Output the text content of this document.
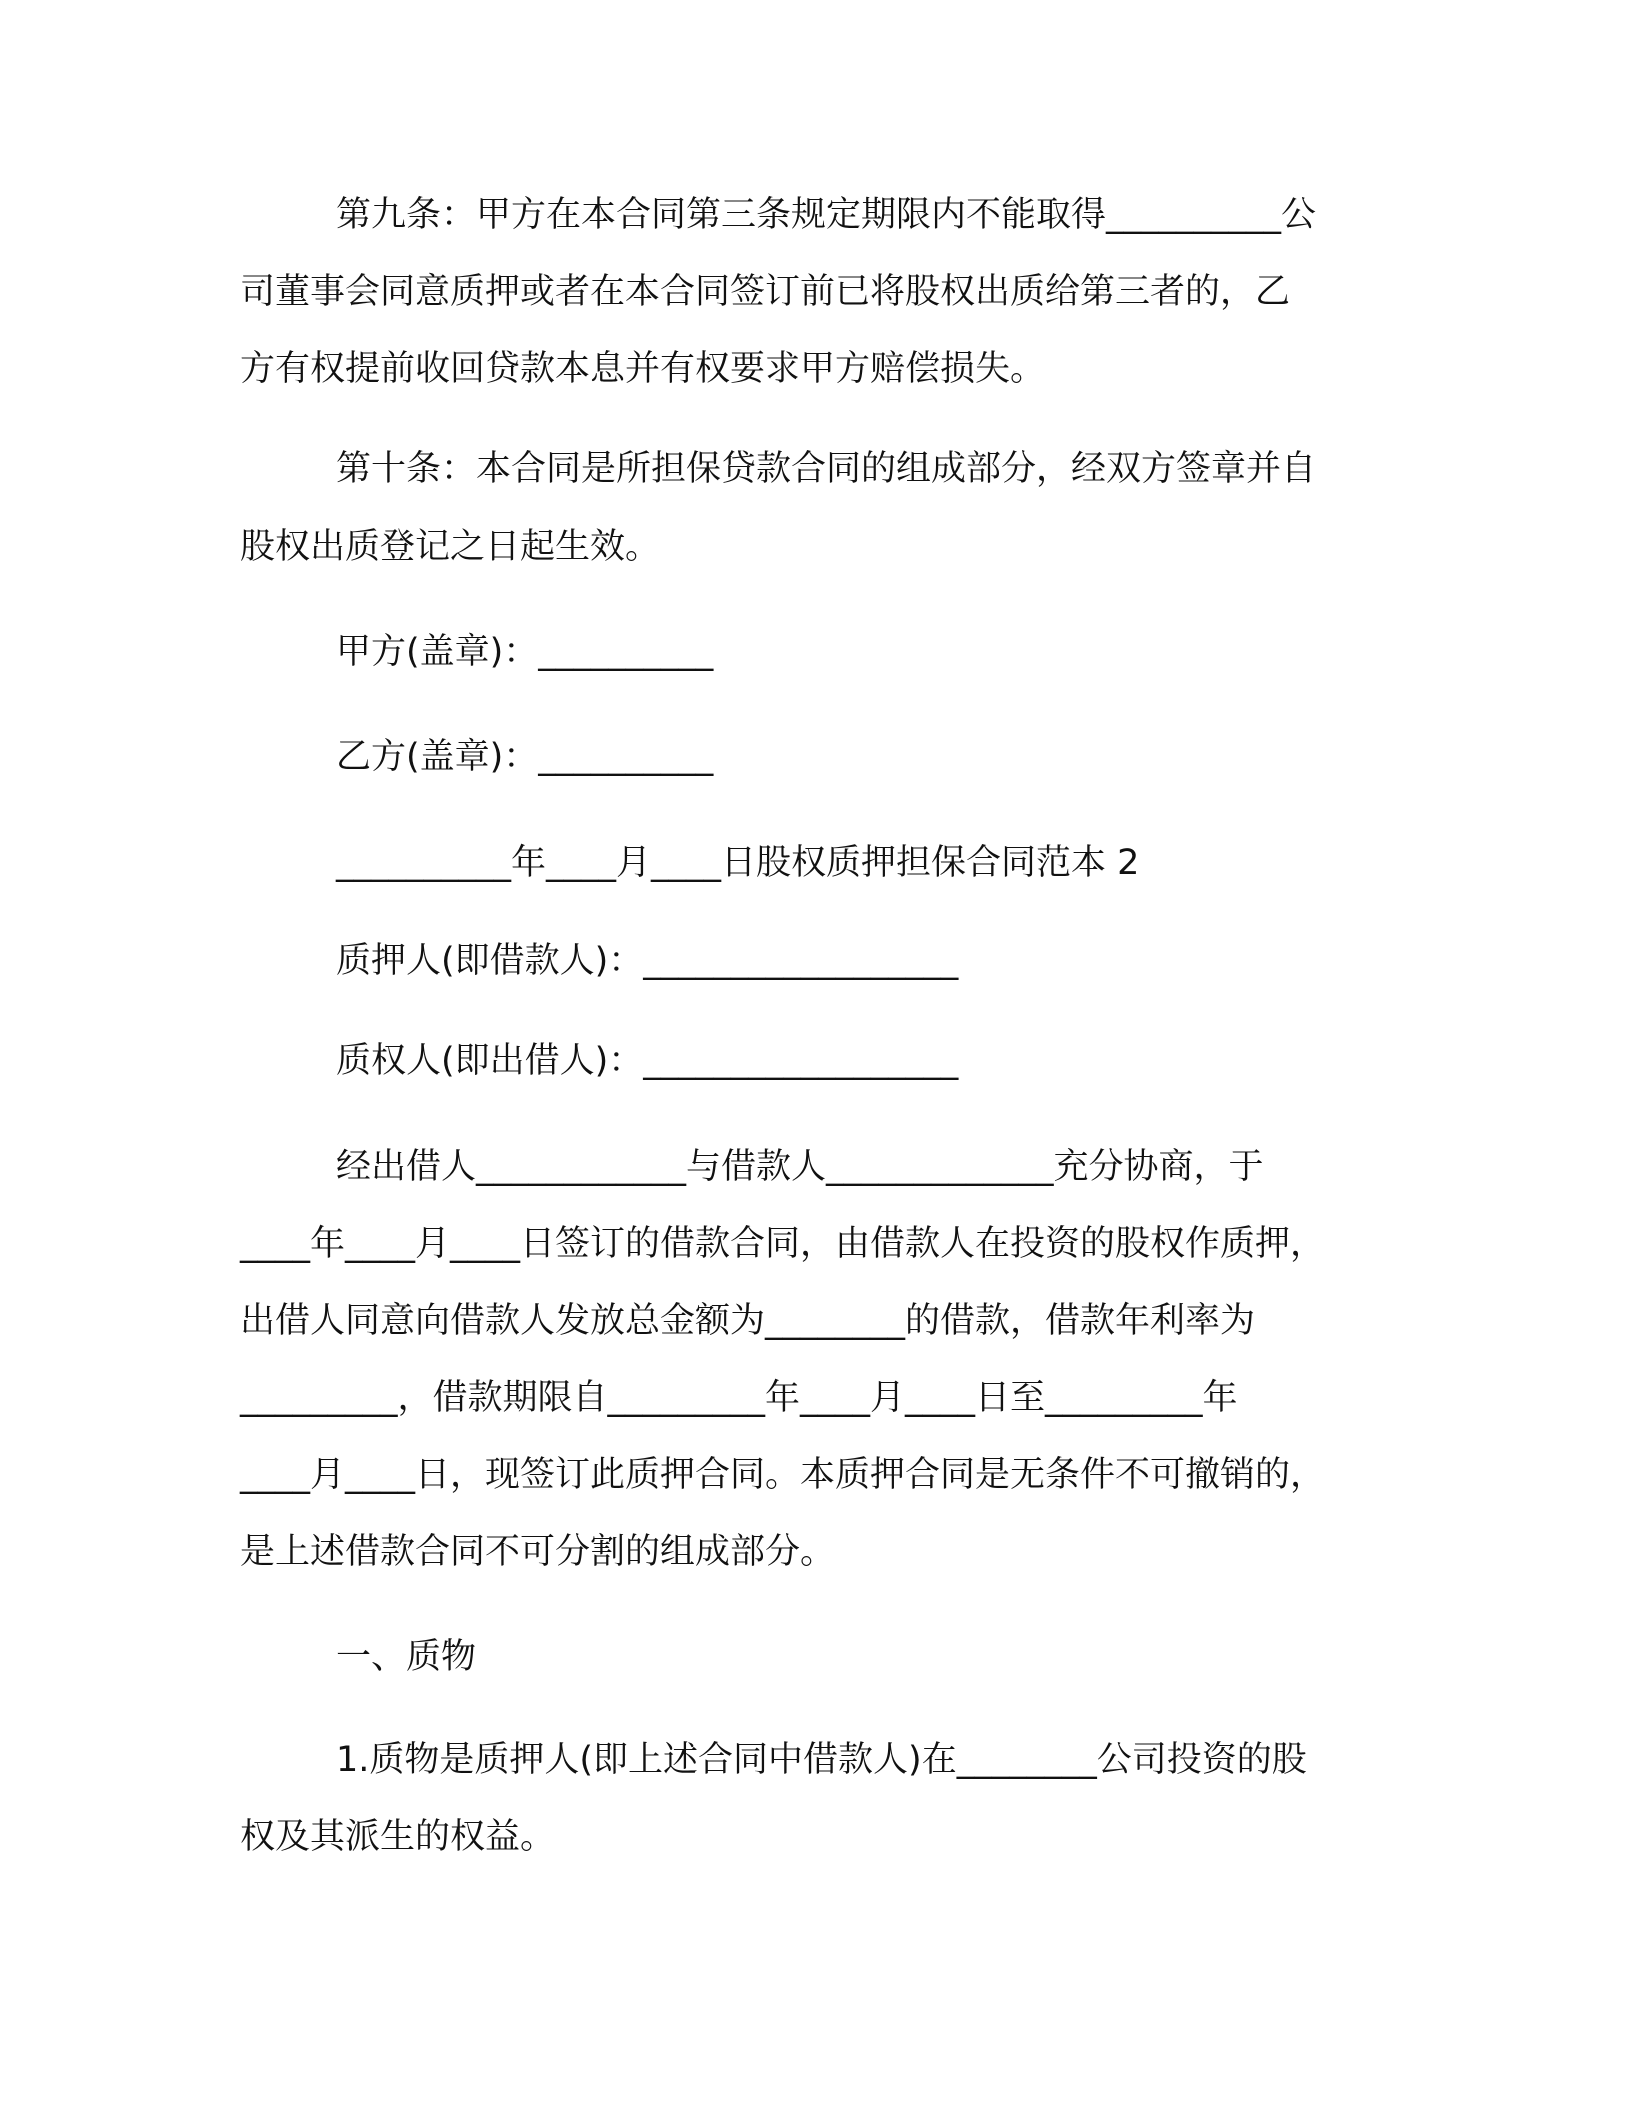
第九条：甲方在本合同第三条规定期限内不能取得__________公
司董事会同意质押或者在本合同签订前已将股权出质给第三者的，乙
方有权提前收回贷款本息并有权要求甲方赔偿损失。
第十条：本合同是所担保贷款合同的组成部分，经双方签章并自
股权出质登记之日起生效。
甲方(盖章)：__________
乙方(盖章)：__________
__________年____月____日股权质押担保合同范本 2
质押人(即借款人)：__________________
质权人(即出借人)：__________________
经出借人____________与借款人_____________充分协商，于
____年____月____日签订的借款合同，由借款人在投资的股权作质押，
出借人同意向借款人发放总金额为________的借款，借款年利率为
_________，借款期限自_________年____月____日至_________年
____月____日，现签订此质押合同。本质押合同是无条件不可撤销的，
是上述借款合同不可分割的组成部分。
一、质物
1.质物是质押人(即上述合同中借款人)在________公司投资的股
权及其派生的权益。
